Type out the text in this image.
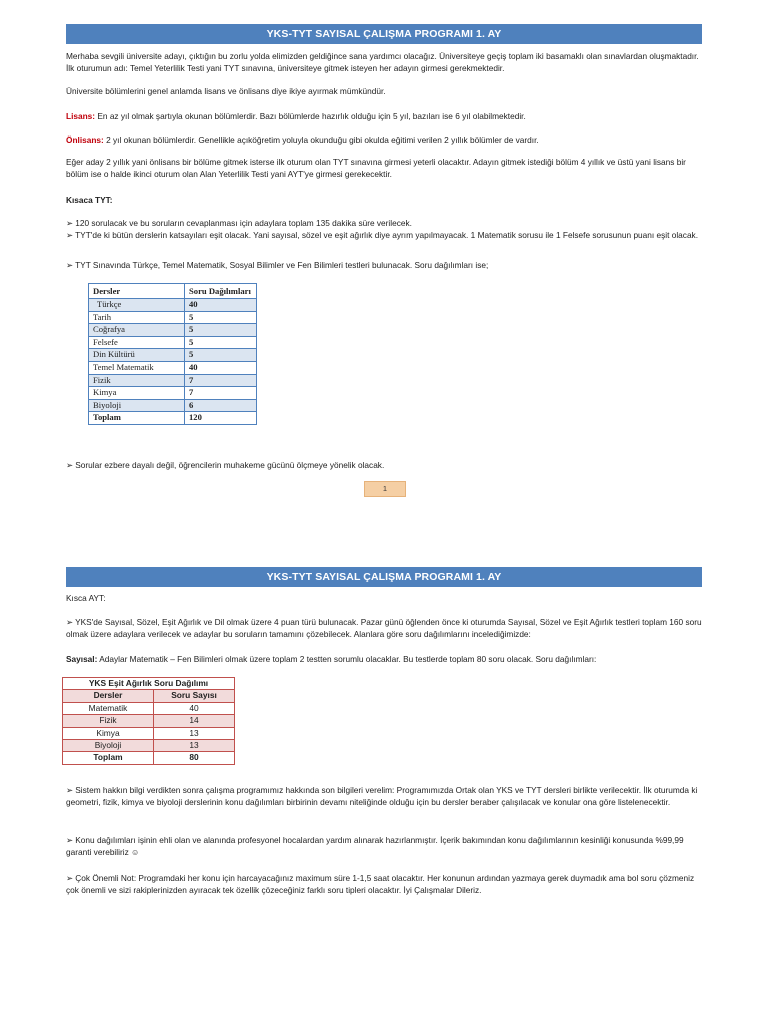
YKS-TYT SAYISAL ÇALIŞMA PROGRAMI 1. AY
Merhaba sevgili üniversite adayı, çıktığın bu zorlu yolda elimizden geldiğince sana yardımcı olacağız. Üniversiteye geçiş toplam iki basamaklı olan sınavlardan oluşmaktadır. İlk oturumun adı: Temel Yeterlilik Testi yani TYT sınavına, üniversiteye gitmek isteyen her adayın girmesi gerekmektedir.
Üniversite bölümlerini genel anlamda lisans ve önlisans diye ikiye ayırmak mümkündür.
Lisans: En az yıl olmak şartıyla okunan bölümlerdir. Bazı bölümlerde hazırlık olduğu için 5 yıl, bazıları ise 6 yıl olabilmektedir.
Önlisans: 2 yıl okunan bölümlerdir. Genellikle açıköğretim yoluyla okunduğu gibi okulda eğitimi verilen 2 yıllık bölümler de vardır.
Eğer aday 2 yıllık yani önlisans bir bölüme gitmek isterse ilk oturum olan TYT sınavına girmesi yeterli olacaktır. Adayın gitmek istediği bölüm 4 yıllık ve üstü yani lisans bir bölüm ise o halde ikinci oturum olan Alan Yeterlilik Testi yani AYT'ye girmesi gerekecektir.
Kısaca TYT:
➢ 120 sorulacak ve bu soruların cevaplanması için adaylara toplam 135 dakika süre verilecek.
➢ TYT'de ki bütün derslerin katsayıları eşit olacak. Yani sayısal, sözel ve eşit ağırlık diye ayrım yapılmayacak. 1 Matematik sorusu ile 1 Felsefe sorusunun puanı eşit olacak.
➢ TYT Sınavında Türkçe, Temel Matematik, Sosyal Bilimler ve Fen Bilimleri testleri bulunacak. Soru dağılımları ise;
Dersler	Soru Dağılımları
Türkçe	40
Tarih	5
Coğrafya	5
Felsefe	5
Din Kültürü	5
Temel Matematik	40
Fizik	7
Kimya	7
Biyoloji	6
Toplam	120
➢ Sorular ezbere dayalı değil, öğrencilerin muhakeme gücünü ölçmeye yönelik olacak.
1
YKS-TYT SAYISAL ÇALIŞMA PROGRAMI 1. AY
Kısca AYT:
➢ YKS'de Sayısal, Sözel, Eşit Ağırlık ve Dil olmak üzere 4 puan türü bulunacak. Pazar günü öğlenden önce ki oturumda Sayısal, Sözel ve Eşit Ağırlık testleri toplam 160 soru olmak üzere adaylara verilecek ve adaylar bu soruların tamamını çözebilecek. Alanlara göre soru dağılımlarını incelediğimizde:
Sayısal: Adaylar Matematik – Fen Bilimleri olmak üzere toplam 2 testten sorumlu olacaklar. Bu testlerde toplam 80 soru olacak. Soru dağılımları:
YKS Eşit Ağırlık Soru Dağılımı	
Dersler	Soru Sayısı
Matematik	40
Fizik	14
Kimya	13
Biyoloji	13
Toplam	80
➢ Sistem hakkın bilgi verdikten sonra çalışma programımız hakkında son bilgileri verelim: Programımızda Ortak olan YKS ve TYT dersleri birlikte verilecektir. İlk oturumda ki geometri, fizik, kimya ve biyoloji derslerinin konu dağılımları birbirinin devamı niteliğinde olduğu için bu dersler beraber çalışılacak ve konular ona göre listelenecektir.
➢ Konu dağılımları işinin ehli olan ve alanında profesyonel hocalardan yardım alınarak hazırlanmıştır. İçerik bakımından konu dağılımlarının kesinliği konusunda %99,99 garanti verebiliriz ☺
➢ Çok Önemli Not: Programdaki her konu için harcayacağınız maximum süre 1-1,5 saat olacaktır. Her konunun ardından yazmaya gerek duymadık ama bol soru çözmeniz çok önemli ve sizi rakiplerinizden ayıracak tek özellik çözeceğiniz farklı soru tipleri olacaktır. İyi Çalışmalar Dileriz.
